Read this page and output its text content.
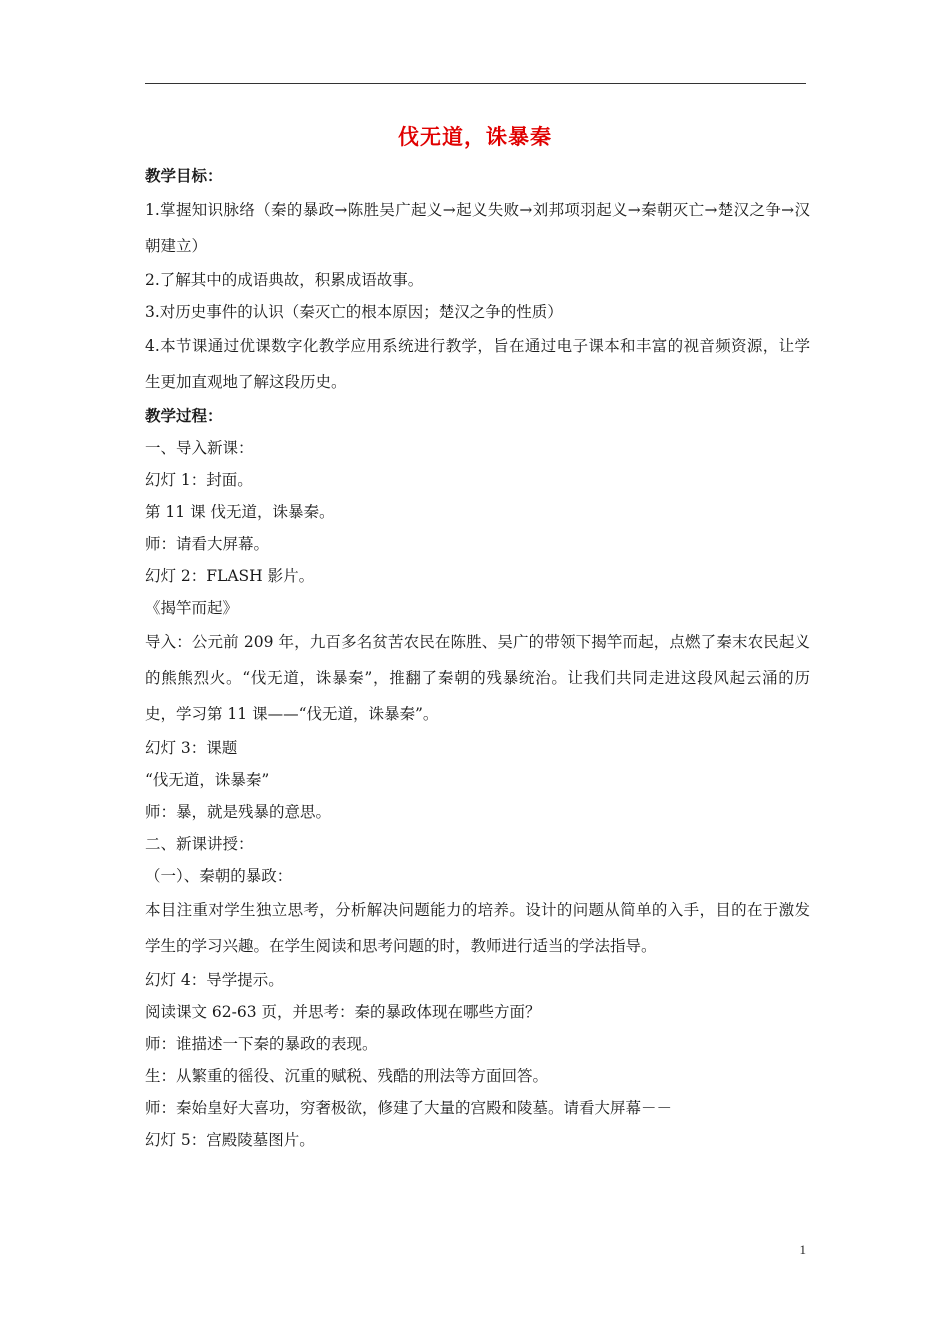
伐无道，诛暴秦

教学目标：

1.掌握知识脉络（秦的暴政→陈胜吴广起义→起义失败→刘邦项羽起义→秦朝灭亡→楚汉之争→汉朝建立）

2.了解其中的成语典故，积累成语故事。

3.对历史事件的认识（秦灭亡的根本原因；楚汉之争的性质）

4.本节课通过优课数字化教学应用系统进行教学，旨在通过电子课本和丰富的视音频资源，让学生更加直观地了解这段历史。

教学过程：

一、导入新课：

幻灯 1：封面。

第 11 课 伐无道，诛暴秦。

师：请看大屏幕。

幻灯 2：FLASH 影片。

《揭竿而起》

导入：公元前 209 年，九百多名贫苦农民在陈胜、吴广的带领下揭竿而起，点燃了秦末农民起义的熊熊烈火。“伐无道，诛暴秦”，推翻了秦朝的残暴统治。让我们共同走进这段风起云涌的历史，学习第 11 课——“伐无道，诛暴秦”。

幻灯 3：课题

“伐无道，诛暴秦”

师：暴，就是残暴的意思。

二、新课讲授：

（一）、秦朝的暴政：

本目注重对学生独立思考，分析解决问题能力的培养。设计的问题从简单的入手，目的在于激发学生的学习兴趣。在学生阅读和思考问题的时，教师进行适当的学法指导。

幻灯 4：导学提示。

阅读课文 62-63 页，并思考：秦的暴政体现在哪些方面？

师：谁描述一下秦的暴政的表现。

生：从繁重的徭役、沉重的赋税、残酷的刑法等方面回答。

师：秦始皇好大喜功，穷奢极欲，修建了大量的宫殿和陵墓。请看大屏幕－－

幻灯 5：宫殿陵墓图片。

1
